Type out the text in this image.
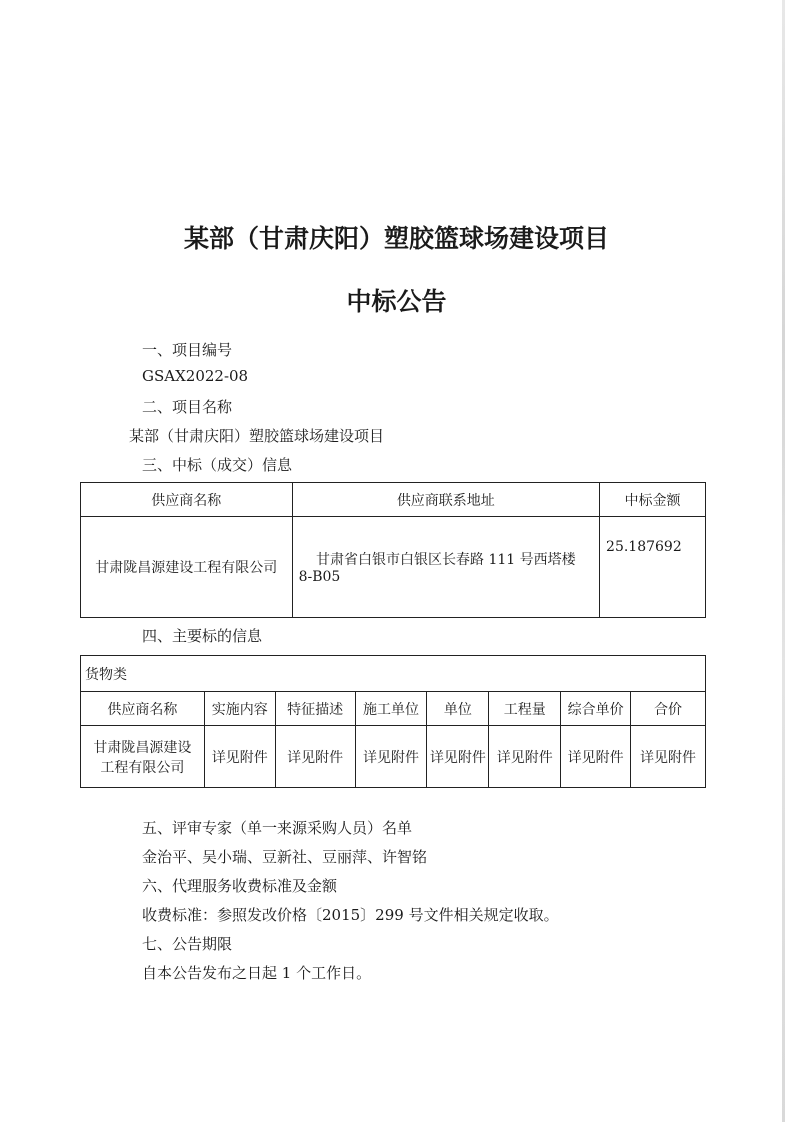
某部（甘肃庆阳）塑胶篮球场建设项目
中标公告
一、项目编号
GSAX2022-08
二、项目名称
某部（甘肃庆阳）塑胶篮球场建设项目
三、中标（成交）信息
供应商名称	供应商联系地址	中标金额
甘肃陇昌源建设工程有限公司	甘肃省白银市白银区长春路 111 号西塔楼
8-B05	25.187692
四、主要标的信息
货物类							
供应商名称	实施内容	特征描述	施工单位	单位	工程量	综合单价	合价

甘肃陇昌源建设
工程有限公司	详见附件	详见附件	详见附件	详见附件	详见附件	详见附件	详见附件
五、评审专家（单一来源采购人员）名单
金治平、吴小瑞、豆新社、豆丽萍、许智铭
六、代理服务收费标准及金额
收费标准：参照发改价格〔2015〕299 号文件相关规定收取。
七、公告期限
自本公告发布之日起 1 个工作日。
